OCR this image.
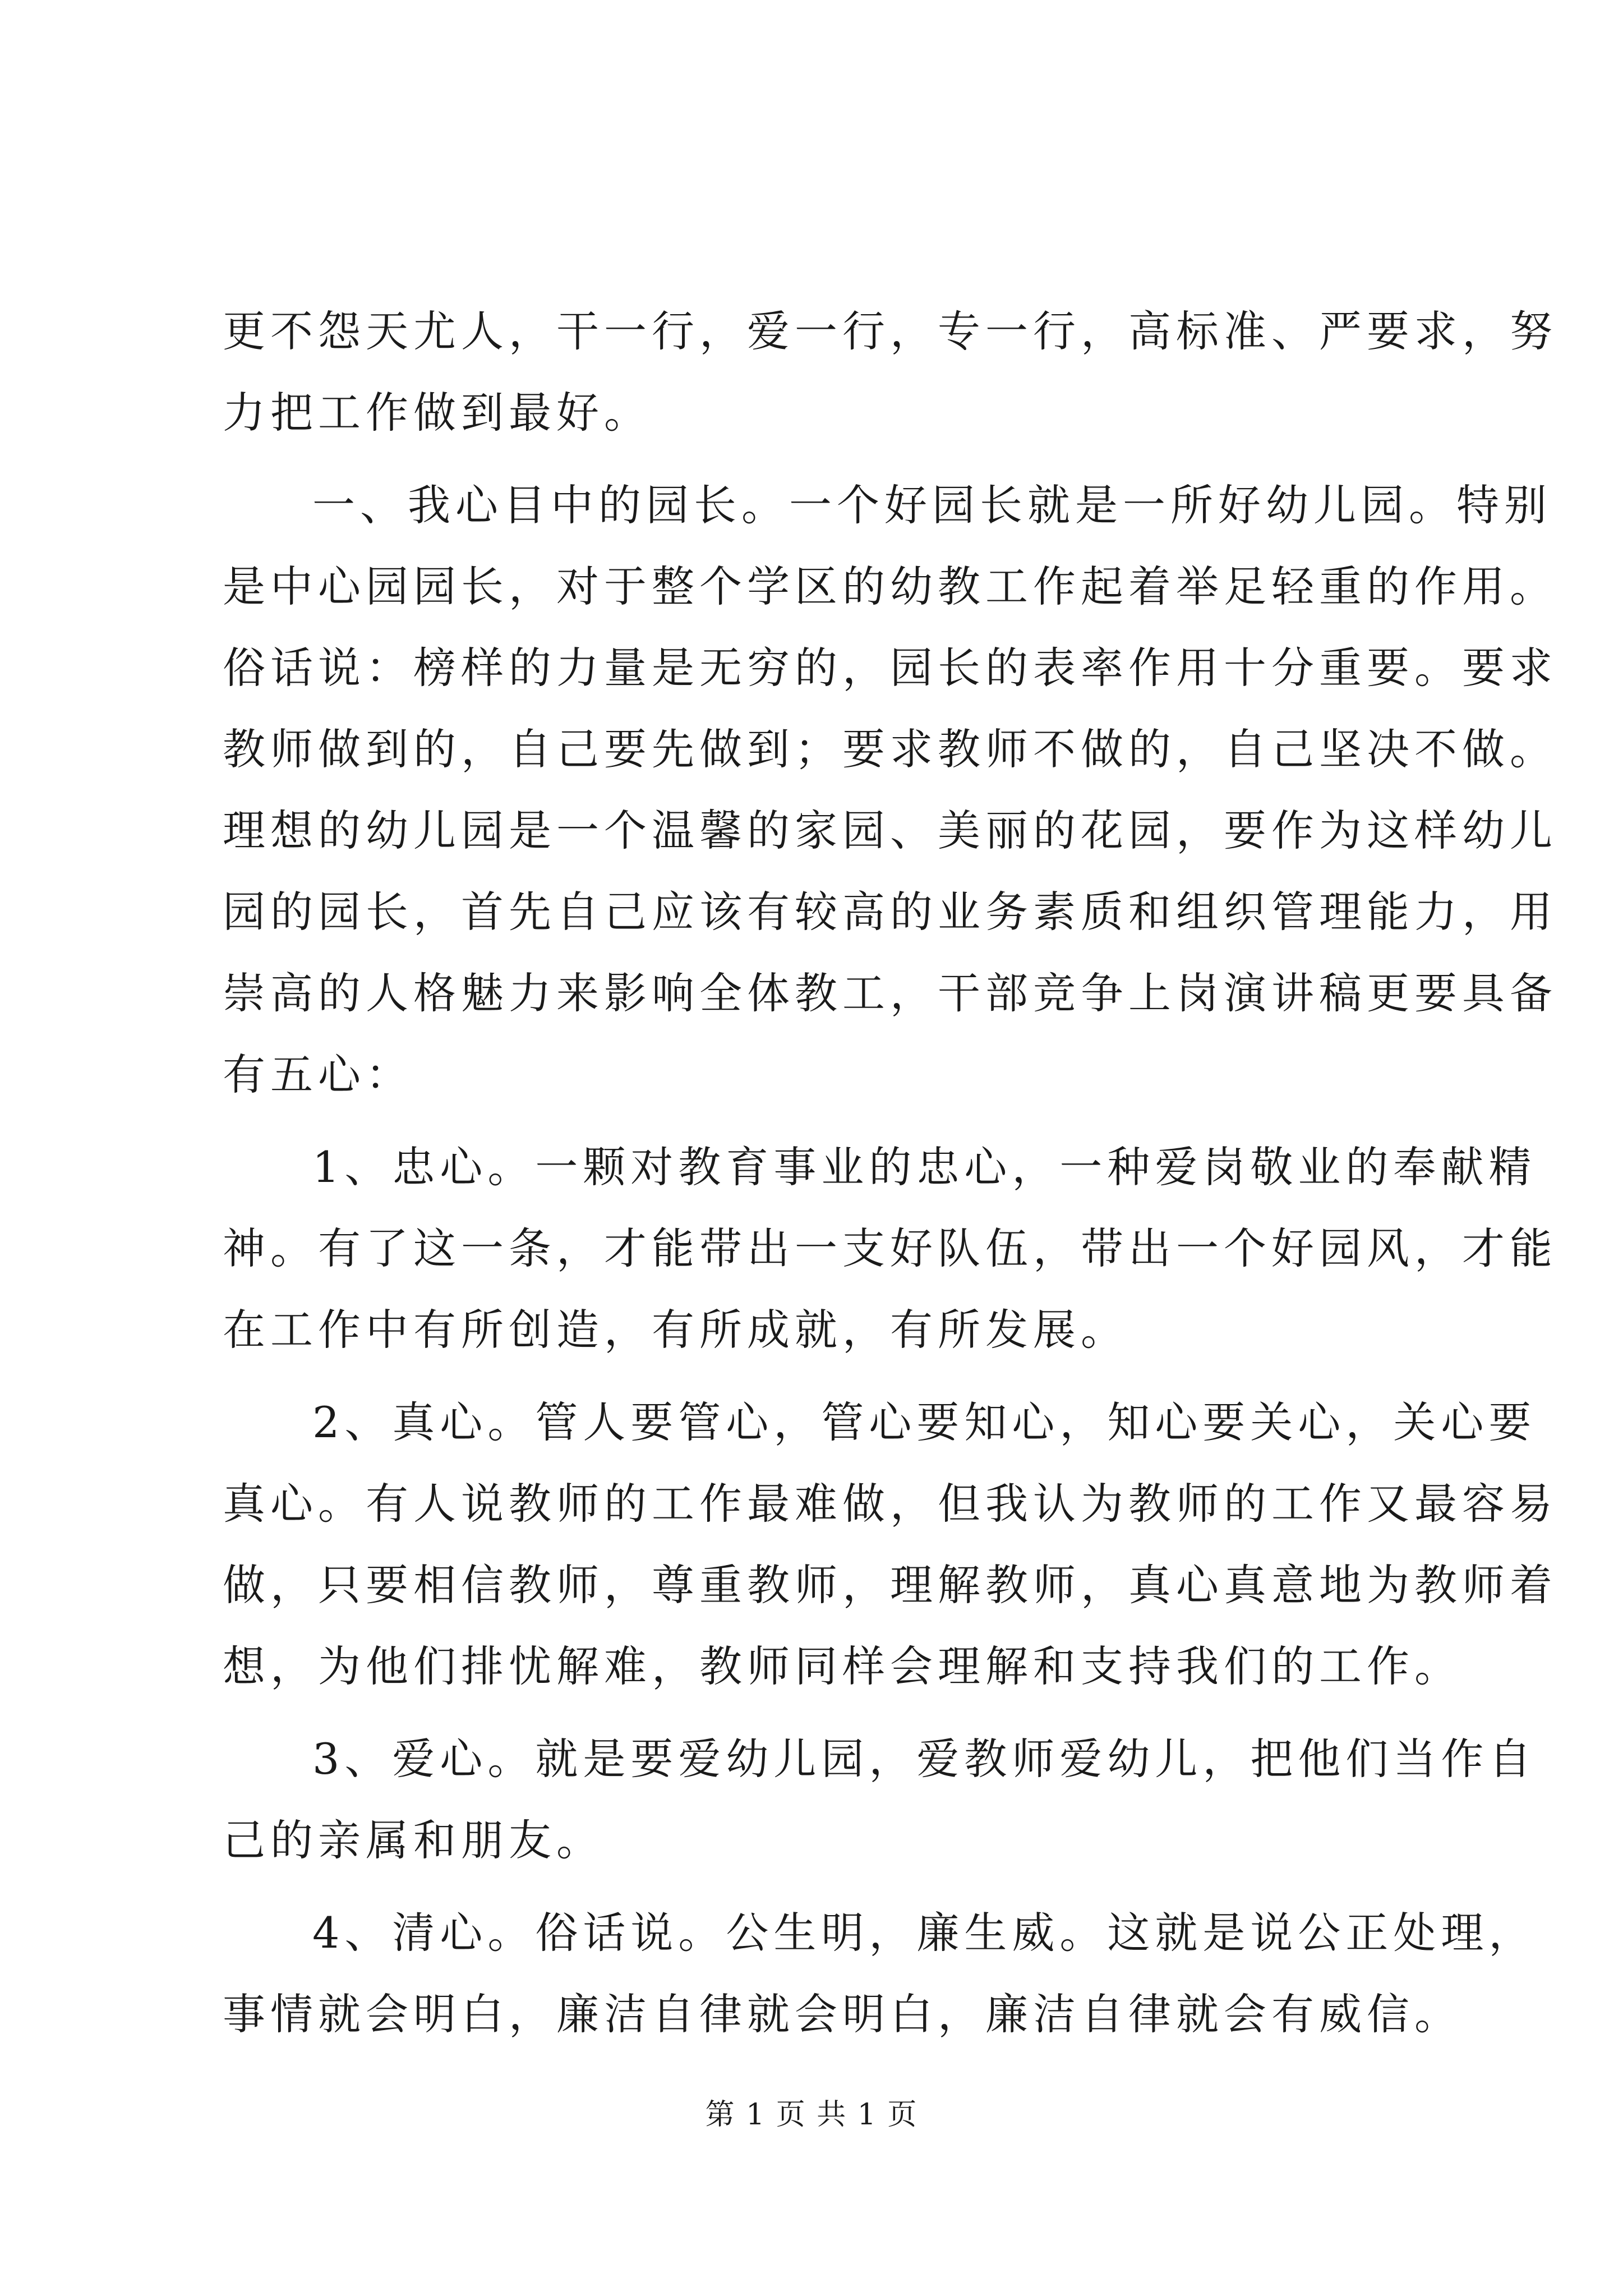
更不怨天尤人，干一行，爱一行，专一行，高标准、严要求，努
力把工作做到最好。
一、我心目中的园长。一个好园长就是一所好幼儿园。特别
是中心园园长，对于整个学区的幼教工作起着举足轻重的作用。
俗话说：榜样的力量是无穷的，园长的表率作用十分重要。要求
教师做到的，自己要先做到；要求教师不做的，自己坚决不做。
理想的幼儿园是一个温馨的家园、美丽的花园，要作为这样幼儿
园的园长，首先自己应该有较高的业务素质和组织管理能力，用
崇高的人格魅力来影响全体教工，干部竞争上岗演讲稿更要具备
有五心：
1、忠心。一颗对教育事业的忠心，一种爱岗敬业的奉献精
神。有了这一条，才能带出一支好队伍，带出一个好园风，才能
在工作中有所创造，有所成就，有所发展。
2、真心。管人要管心，管心要知心，知心要关心，关心要
真心。有人说教师的工作最难做，但我认为教师的工作又最容易
做，只要相信教师，尊重教师，理解教师，真心真意地为教师着
想，为他们排忧解难，教师同样会理解和支持我们的工作。
3、爱心。就是要爱幼儿园，爱教师爱幼儿，把他们当作自
己的亲属和朋友。
4、清心。俗话说。公生明，廉生威。这就是说公正处理，
事情就会明白，廉洁自律就会明白，廉洁自律就会有威信。
第 1 页 共 1 页
